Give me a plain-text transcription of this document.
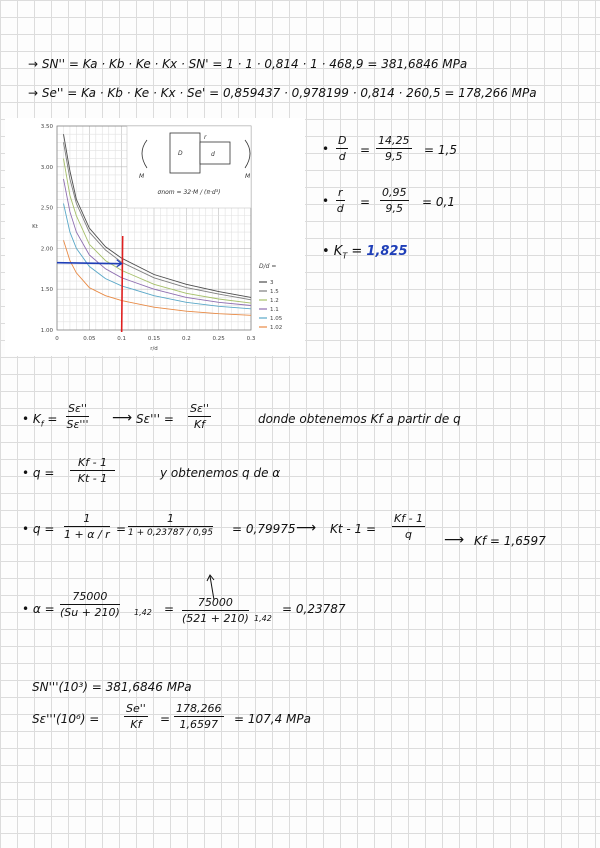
→ SN'' = Ka · Kb · Ke · Kx · SN' = 1 · 1 · 0,814 · 1 · 468,9 = 381,6846 MPa
→ Se'' = Ka · Kb · Ke · Kx · Se' = 0,859437 · 0,978199 · 0,814 · 260,5 = 178,266 MPa
0	0.05	0.1	0.15	0.2	0.25	0.3
1.00
1.50
2.00
2.50
3.00
3.50
r/d
Kt
D/d =
3
1.5
1.2
1.1
1.05
1.02
D	d
r
M	M
σnom = 32·M / (π·d³)
• $\frac{D}{d} = \frac{14,25}{9,5} = 1,5$
• $\frac{r}{d} = \frac{0,95}{9,5} = 0,1$
• $K_T = 1,825$
• $K_f = \frac{S\varepsilon''}{S\varepsilon'''}$ ⟶ $S\varepsilon''' = \frac{S\varepsilon''}{Kf}$	donde obtenemos Kf a partir de q
• $q = \frac{Kf - 1}{Kt - 1}$	y obtenemos q de α
• $q = \frac{1}{1 + \alpha / r}$ =
1
1 + 0,23787 / 0,95 = 0,79975 ⟶ $Kt - 1 = \frac{Kf - 1}{q}$ ⟶ Kf = 1,6597
• $\alpha = \frac{75000}{(Su + 210)} 1,42 = \frac{75000}{(521 + 210)} 1,42$
= 0,23787
SN'''(10³) = 381,6846 MPa
$S\varepsilon'''(10^6) = \frac{Se''}{Kf} = \frac{178,266}{1,6597} = 107,4$ MPa
